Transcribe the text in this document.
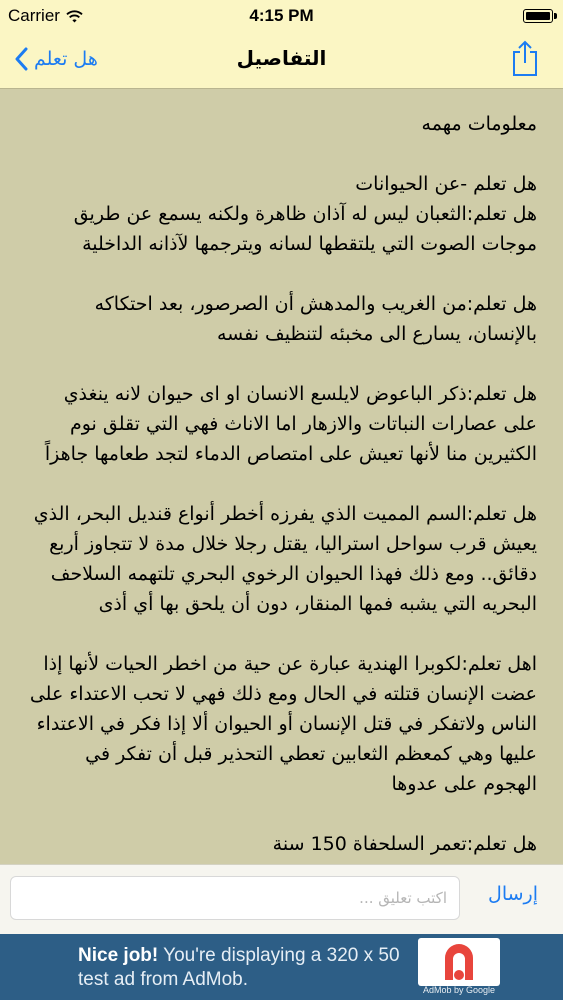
Carrier	4:15 PM
هل تعلم	التفاصيل
معلومات مهمه

هل تعلم -عن الحيوانات
هل تعلم:الثعبان ليس له آذان ظاهرة ولكنه يسمع عن طريق موجات الصوت التي يلتقطها لسانه ويترجمها لآذانه الداخلية

هل تعلم:من الغريب والمدهش أن الصرصور، بعد احتكاكه بالإنسان، يسارع الى مخبئه لتنظيف نفسه

هل تعلم:ذكر الباعوض لايلسع الانسان او اى حيوان لانه ينغذي على عصارات النباتات والازهار اما الاناث فهي التي تقلق نوم الكثيرين منا لأنها تعيش على امتصاص الدماء لتجد طعامها جاهزاً

هل تعلم:السم المميت الذي يفرزه أخطر أنواع قنديل البحر، الذي يعيش قرب سواحل استراليا، يقتل رجلا خلال مدة لا تتجاوز أربع دقائق.. ومع ذلك فهذا الحيوان الرخوي البحري تلتهمه السلاحف البحريه التي يشبه فمها المنقار، دون أن يلحق بها أي أذى

اهل تعلم:لكوبرا الهندية عبارة عن حية من اخطر الحيات لأنها إذا عضت الإنسان قتلته في الحال ومع ذلك فهي لا تحب الاعتداء على الناس ولاتفكر في قتل الإنسان أو الحيوان ألا إذا فكر في الاعتداء عليها وهي كمعظم الثعابين تعطي التحذير قبل أن تفكر في الهجوم على عدوها

هل تعلم:تعمر السلحفاة 150 سنة

اكتب تعليق ...
إرسال
Nice job! You're displaying a 320 x 50 test ad from AdMob.	AdMob by Google
